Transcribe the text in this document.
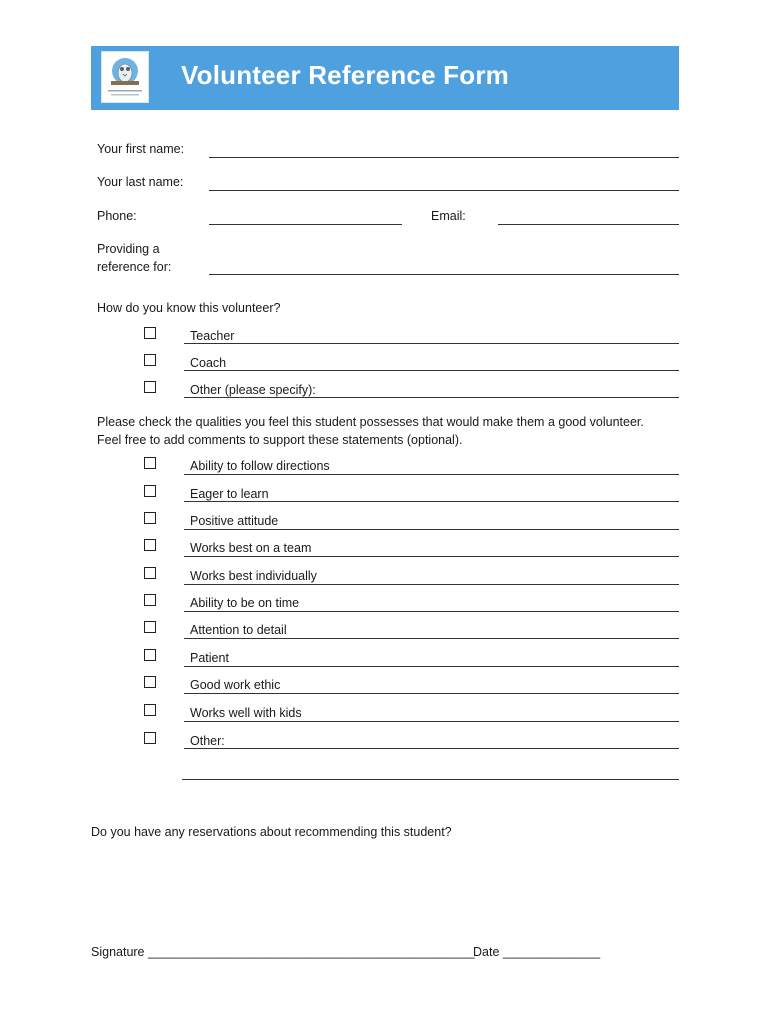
Volunteer Reference Form
Your first name:
Your last name:
Phone:	Email:
Providing a
reference for:
How do you know this volunteer?
Teacher
Coach
Other (please specify):
Please check the qualities you feel this student possesses that would make them a good volunteer.
Feel free to add comments to support these statements (optional).
Ability to follow directions
Eager to learn
Positive attitude
Works best on a team
Works best individually
Ability to be on time
Attention to detail
Patient
Good work ethic
Works well with kids
Other:
Do you have any reservations about recommending this student?
Signature _______________________________________________
Date ______________
